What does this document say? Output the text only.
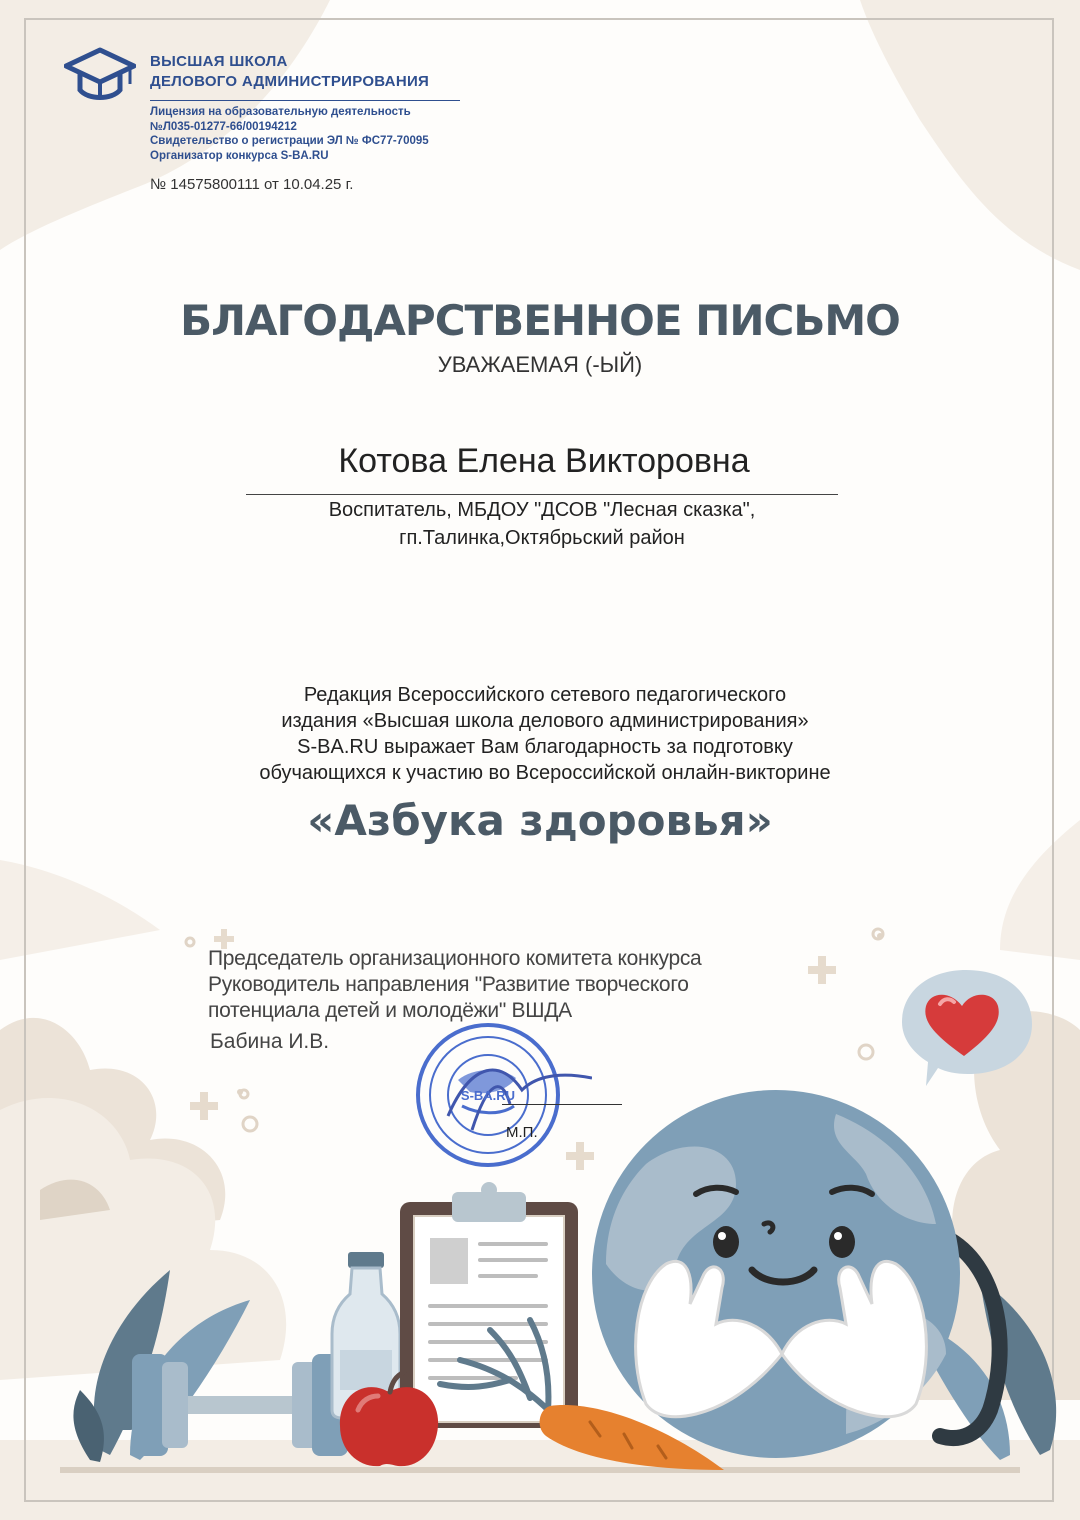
ВЫСШАЯ ШКОЛА
ДЕЛОВОГО АДМИНИСТРИРОВАНИЯ
Лицензия на образовательную деятельность
№Л035-01277-66/00194212
Свидетельство о регистрации ЭЛ № ФС77-70095
Организатор конкурса S-BA.RU
№ 14575800111 от 10.04.25 г.
БЛАГОДАРСТВЕННОЕ ПИСЬМО
УВАЖАЕМАЯ (-ЫЙ)
Котова Елена Викторовна
Воспитатель, МБДОУ "ДСОВ "Лесная сказка",
гп.Талинка,Октябрьский район
Редакция Всероссийского сетевого педагогического
издания «Высшая школа делового администрирования»
S-BA.RU выражает Вам благодарность за подготовку
обучающихся к участию во Всероссийской онлайн-викторине
«Азбука здоровья»
Председатель организационного комитета конкурса
Руководитель направления "Развитие творческого
потенциала детей и молодёжи" ВШДА
Бабина И.В.
S-BA.RU
М.П.
